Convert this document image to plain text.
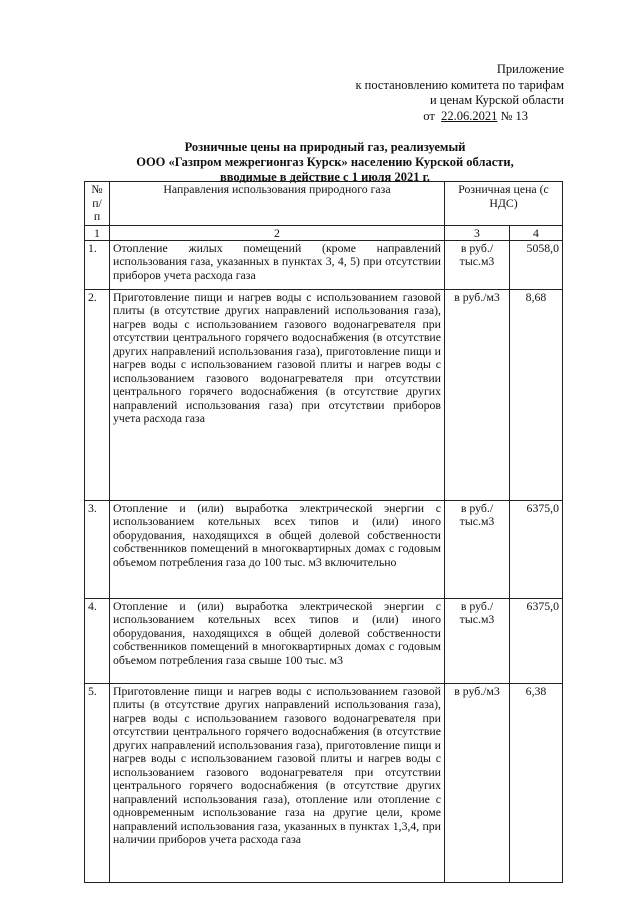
Приложение
к постановлению комитета по тарифам
и ценам Курской области
от 22.06.2021 № 13
Розничные цены на природный газ, реализуемый
ООО «Газпром межрегионгаз Курск» населению Курской области,
вводимые в действие с 1 июля 2021 г.
№ п/ п	Направления использования природного газа	Розничная цена (с НДС)	
1	2	3	4
1.	Отопление жилых помещений (кроме направлений использования газа, указанных в пунктах 3, 4, 5) при отсутствии приборов учета расхода газа	в руб./тыс.м3	5058,0
2.	Приготовление пищи и нагрев воды с использованием газовой плиты (в отсутствие других направлений использования газа), нагрев воды с использованием газового водонагревателя при отсутствии центрального горячего водоснабжения (в отсутствие других направлений использования газа), приготовление пищи и нагрев воды с использованием газовой плиты и нагрев воды с использованием газового водонагревателя при отсутствии центрального горячего водоснабжения (в отсутствие других направлений использования газа) при отсутствии приборов учета расхода газа	в руб./м3	8,68
3.	Отопление и (или) выработка электрической энергии с использованием котельных всех типов и (или) иного оборудования, находящихся в общей долевой собственности собственников помещений в многоквартирных домах с годовым объемом потребления газа до 100 тыс. м3 включительно	в руб./тыс.м3	6375,0
4.	Отопление и (или) выработка электрической энергии с использованием котельных всех типов и (или) иного оборудования, находящихся в общей долевой собственности собственников помещений в многоквартирных домах с годовым объемом потребления газа свыше 100 тыс. м3	в руб./тыс.м3	6375,0
5.	Приготовление пищи и нагрев воды с использованием газовой плиты (в отсутствие других направлений использования газа), нагрев воды с использованием газового водонагревателя при отсутствии центрального горячего водоснабжения (в отсутствие других направлений использования газа), приготовление пищи и нагрев воды с использованием газовой плиты и нагрев воды с использованием газового водонагревателя при отсутствии центрального горячего водоснабжения (в отсутствие других направлений использования газа), отопление или отопление с одновременным использование газа на другие цели, кроме направлений использования газа, указанных в пунктах 1,3,4, при наличии приборов учета расхода газа	в руб./м3	6,38
